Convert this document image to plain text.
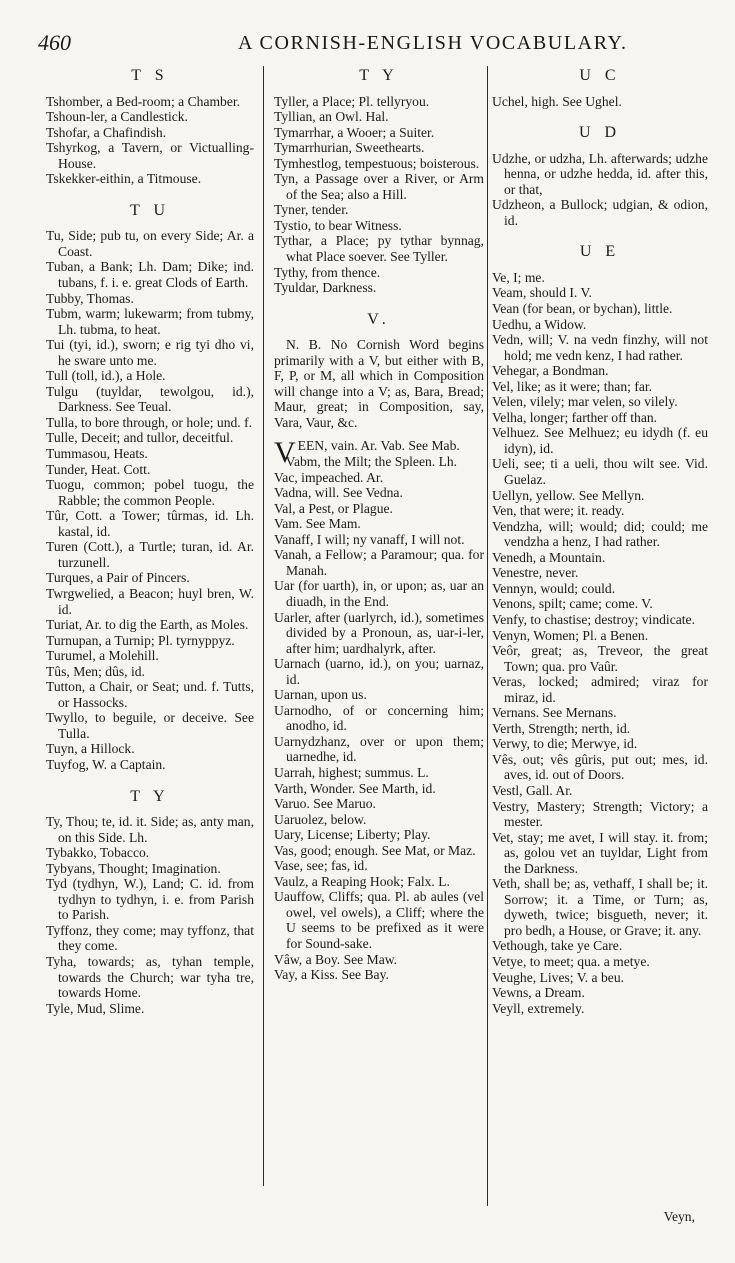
460	A CORNISH-ENGLISH VOCABULARY.
T S
Tshomber, a Bed-room; a Chamber.
Tshoun-ler, a Candlestick.
Tshofar, a Chafindish.
Tshyrkog, a Tavern, or Victualling-House.
Tskekker-eithin, a Titmouse.
T U
Tu, Side; pub tu, on every Side; Ar. a Coast.
Tuban, a Bank; Lh. Dam; Dike; ind. tubans, f. i. e. great Clods of Earth.
Tubby, Thomas.
Tubm, warm; lukewarm; from tubmy, Lh. tubma, to heat.
Tui (tyi, id.), sworn; e rig tyi dho vi, he sware unto me.
Tull (toll, id.), a Hole.
Tulgu (tuyldar, tewolgou, id.), Darkness. See Teual.
Tulla, to bore through, or hole; und. f.
Tulle, Deceit; and tullor, deceitful.
Tummasou, Heats.
Tunder, Heat. Cott.
Tuogu, common; pobel tuogu, the Rabble; the common People.
Tûr, Cott. a Tower; tûrmas, id. Lh. kastal, id.
Turen (Cott.), a Turtle; turan, id. Ar. turzunell.
Turques, a Pair of Pincers.
Twrgwelied, a Beacon; huyl bren, W. id.
Turiat, Ar. to dig the Earth, as Moles.
Turnupan, a Turnip; Pl. tyrnyppyz.
Turumel, a Molehill.
Tûs, Men; dûs, id.
Tutton, a Chair, or Seat; und. f. Tutts, or Hassocks.
Twyllo, to beguile, or deceive. See Tulla.
Tuyn, a Hillock.
Tuyfog, W. a Captain.
T Y
Ty, Thou; te, id. it. Side; as, anty man, on this Side. Lh.
Tybakko, Tobacco.
Tybyans, Thought; Imagination.
Tyd (tydhyn, W.), Land; C. id. from tydhyn to tydhyn, i. e. from Parish to Parish.
Tyffonz, they come; may tyffonz, that they come.
Tyha, towards; as, tyhan temple, towards the Church; war tyha tre, towards Home.
Tyle, Mud, Slime.
T Y
Tyller, a Place; Pl. tellyryou.
Tyllian, an Owl. Hal.
Tymarrhar, a Wooer; a Suiter.
Tymarrhurian, Sweethearts.
Tymhestlog, tempestuous; boisterous.
Tyn, a Passage over a River, or Arm of the Sea; also a Hill.
Tyner, tender.
Tystio, to bear Witness.
Tythar, a Place; py tythar bynnag, what Place soever. See Tyller.
Tythy, from thence.
Tyuldar, Darkness.
V.
N. B. No Cornish Word begins primarily with a V, but either with B, F, P, or M, all which in Composition will change into a V; as, Bara, Bread; Maur, great; in Composition, say, Vara, Vaur, &c.
VEEN, vain. Ar. Vab. See Mab.
Vabm, the Milt; the Spleen. Lh.
Vac, impeached. Ar.
Vadna, will. See Vedna.
Val, a Pest, or Plague.
Vam. See Mam.
Vanaff, I will; ny vanaff, I will not.
Vanah, a Fellow; a Paramour; qua. for Manah.
Uar (for uarth), in, or upon; as, uar an diuadh, in the End.
Uarler, after (uarlyrch, id.), sometimes divided by a Pronoun, as, uar-i-ler, after him; uardhalyrk, after.
Uarnach (uarno, id.), on you; uarnaz, id.
Uarnan, upon us.
Uarnodho, of or concerning him; anodho, id.
Uarnydzhanz, over or upon them; uarnedhe, id.
Uarrah, highest; summus. L.
Varth, Wonder. See Marth, id.
Varuo. See Maruo.
Uaruolez, below.
Uary, License; Liberty; Play.
Vas, good; enough. See Mat, or Maz.
Vase, see; fas, id.
Vaulz, a Reaping Hook; Falx. L.
Uauffow, Cliffs; qua. Pl. ab aules (vel owel, vel owels), a Cliff; where the U seems to be prefixed as it were for Sound-sake.
Vâw, a Boy. See Maw.
Vay, a Kiss. See Bay.
U C
Uchel, high. See Ughel.
U D
Udzhe, or udzha, Lh. afterwards; udzhe henna, or udzhe hedda, id. after this, or that,
Udzheon, a Bullock; udgian, & odion, id.
U E
Ve, I; me.
Veam, should I. V.
Vean (for bean, or bychan), little.
Uedhu, a Widow.
Vedn, will; V. na vedn finzhy, will not hold; me vedn kenz, I had rather.
Vehegar, a Bondman.
Vel, like; as it were; than; far.
Velen, vilely; mar velen, so vilely.
Velha, longer; farther off than.
Velhuez. See Melhuez; eu idydh (f. eu idyn), id.
Ueli, see; ti a ueli, thou wilt see. Vid. Guelaz.
Uellyn, yellow. See Mellyn.
Ven, that were; it. ready.
Vendzha, will; would; did; could; me vendzha a henz, I had rather.
Venedh, a Mountain.
Venestre, never.
Vennyn, would; could.
Venons, spilt; came; come. V.
Venfy, to chastise; destroy; vindicate.
Venyn, Women; Pl. a Benen.
Veôr, great; as, Treveor, the great Town; qua. pro Vaûr.
Veras, locked; admired; viraz for miraz, id.
Vernans. See Mernans.
Verth, Strength; nerth, id.
Verwy, to die; Merwye, id.
Vês, out; vês gûris, put out; mes, id. aves, id. out of Doors.
Vestl, Gall. Ar.
Vestry, Mastery; Strength; Victory; a mester.
Vet, stay; me avet, I will stay. it. from; as, golou vet an tuyldar, Light from the Darkness.
Veth, shall be; as, vethaff, I shall be; it. Sorrow; it. a Time, or Turn; as, dyweth, twice; bisgueth, never; it. pro bedh, a House, or Grave; it. any.
Vethough, take ye Care.
Vetye, to meet; qua. a metye.
Veughe, Lives; V. a beu.
Vewns, a Dream.
Veyll, extremely.
Veyn,
